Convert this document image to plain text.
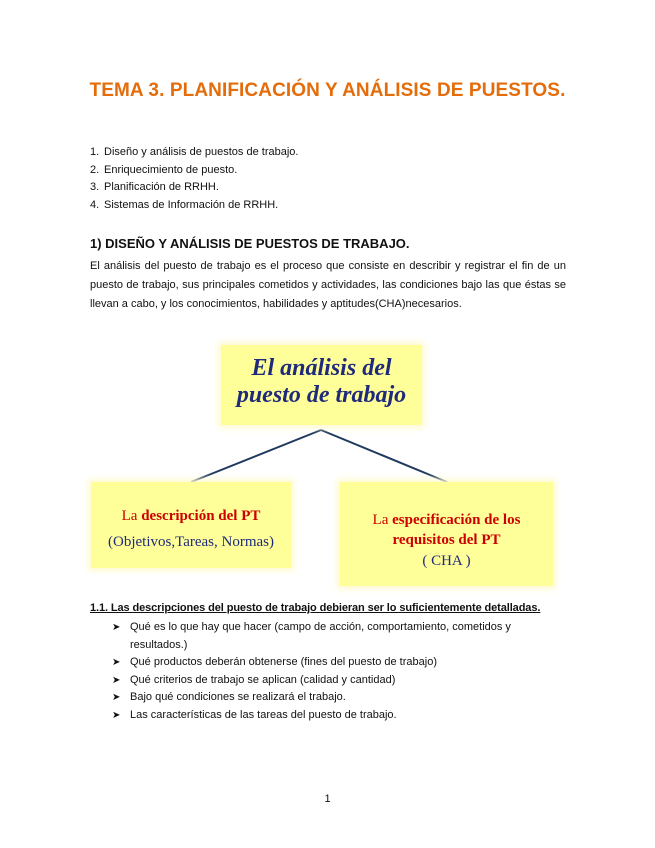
TEMA 3. PLANIFICACIÓN Y ANÁLISIS DE PUESTOS.
1. Diseño y análisis de puestos de trabajo.
2. Enriquecimiento de puesto.
3. Planificación de RRHH.
4. Sistemas de Información de RRHH.
1) DISEÑO Y ANÁLISIS DE PUESTOS DE TRABAJO.
El análisis del puesto de trabajo es el proceso que consiste en describir y registrar el fin de un puesto de trabajo, sus principales cometidos y actividades, las condiciones bajo las que éstas se llevan a cabo, y los conocimientos, habilidades y aptitudes(CHA)necesarios.
El análisis del
puesto de trabajo
La descripción del PT
(Objetivos,Tareas, Normas)
La especificación de los
requisitos del PT
( CHA )
1.1. Las descripciones del puesto de trabajo debieran ser lo suficientemente detalladas.
➤ Qué es lo que hay que hacer (campo de acción, comportamiento, cometidos y resultados.)
➤ Qué productos deberán obtenerse (fines del puesto de trabajo)
➤ Qué criterios de trabajo se aplican (calidad y cantidad)
➤ Bajo qué condiciones se realizará el trabajo.
➤ Las características de las tareas del puesto de trabajo.
1
